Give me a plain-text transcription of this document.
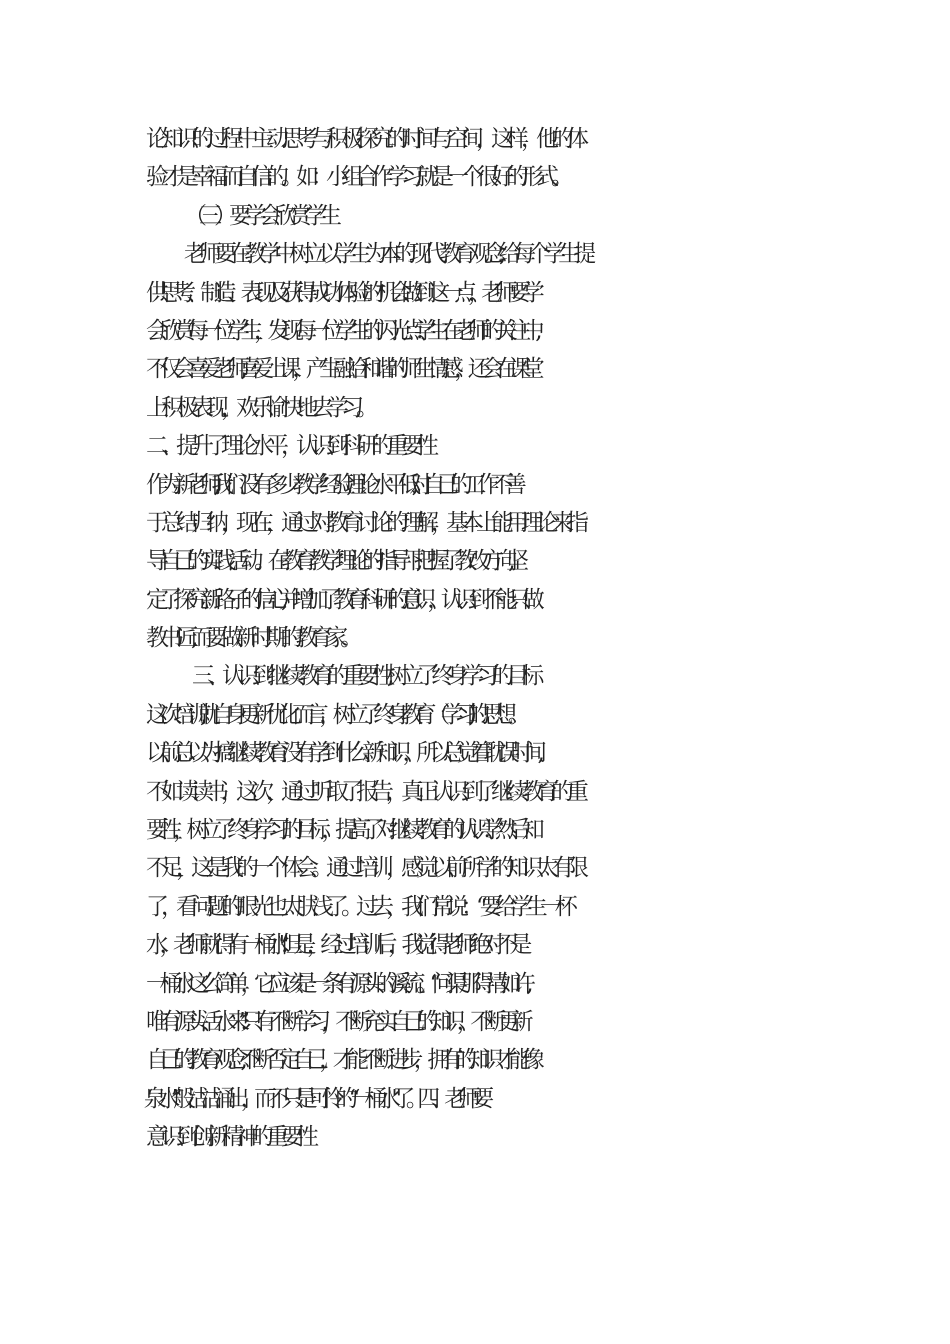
论知识的过程中主动思考与积极探究的时间与空间，这样，他的体
验才是幸福而自信的。如：小组合作学习就是一个很好的形式。
（三）要学会欣赏学生
老师要在教学中树立以学生为本的现代教育观念,给每个学生提
供思考、制造、表现及获得成功体验的机会.做到这一点，老师要学
会欣赏每一位学生，发现每一位学生的闪光点.学生在老师的关注中,
不仅会喜爱老师,喜爱上课，产生融洽和谐的师生情感，还会在课堂
上积极表现，欢乐愉快地去学习。
二、提升了理论水平，认识到科研的重要性
作为新老师,我们没有多少教学经验,理论水平低,对自己的工作不善
于总结归纳，现在，通过对教育讨论的理解，基本上能用理论来指
导自己的实践活动。在教育教学理论的指导下,把握了教改方向,坚
定了探究新路子的信心,并增加了教育科研的意识，认识到不能只做
教书匠,而要做新时期的教育家。
三、认识到继续教育的重要性,树立了终身学习的目标
这次培训,就自身更新优化而言，树立了终身教育（学习)的思想。
以前总以为搞继续教育没有学到什么新知识，所以总觉着耽误时间,
不如读读书，这次，通过听取了报告，真正认识到了继续教育的重
要性，树立了终身学习的目标，提高了对继续教育的认识.学然后知
不足，这是我的一个体会。通过培训，感觉以前所学的知识太有限
了，看问题的眼光也太肤浅了。过去，我们常说：“要给学生一杯
水，老师就得有一桶水."但是，经过培训后，我觉得老师绝对不是
一桶水这么简单，它应该是一条有源头的溪流。“问渠那得清如许,
唯有源头活水来.”只有不断学习，不断充实自己的知识，不断更新
自己的教育观念,不断否定自己，才能不断进步，拥有的知识才能像
‘泉水”般沽沽涌出，而不只是可怜的“一桶水"了。 四、老师要
意识到创新精神的重要性
